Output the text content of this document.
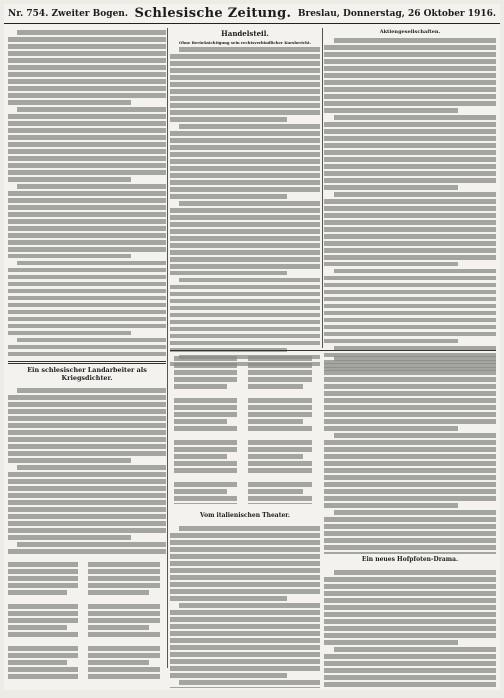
Nr. 754. Zweiter Bogen. Schlesische Zeitung. Breslau, Donnerstag, 26 Oktober 1916.
Handelsteil.
Ohne Berücksichtigung sein rechtsverbindlicher Kursbericht.
Aktiengesellschaften.
Ein schlesischer Landarbeiter als Kriegsdichter.
Vom italienischen Theater.
Ein neues Hofpfoten-Drama.
